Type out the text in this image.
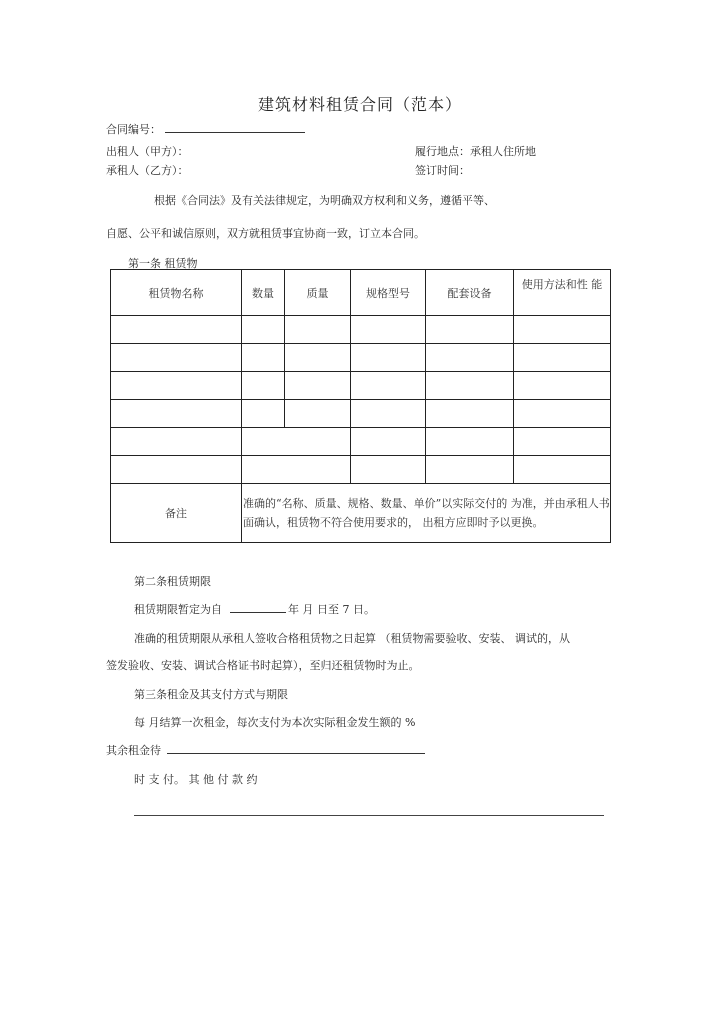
建筑材料租赁合同（范本）
合同编号：
出租人（甲方）：
承租人（乙方）：
履行地点：承租人住所地
签订时间：
根据《合同法》及有关法律规定，为明确双方权利和义务，遵循平等、
自愿、公平和诚信原则，双方就租赁事宜协商一致，订立本合同。
第一条 租赁物
租赁物名称	数量	质量	规格型号	配套设备	使用方法和性 能

备注	准确的“名称、质量、规格、数量、单价”以实际交付的 为准，并由承租人书面确认，租赁物不符合使用要求的， 出租方应即时予以更换。				
第二条租赁期限
租赁期限暂定为自	年 月 日至 7 日。
准确的租赁期限从承租人签收合格租赁物之日起算 （租赁物需要验收、安装、 调试的，从
签发验收、安装、调试合格证书时起算），至归还租赁物时为止。
第三条租金及其支付方式与期限
每 月结算一次租金，每次支付为本次实际租金发生额的 %
其余租金待
时 支 付。 其 他 付 款 约
